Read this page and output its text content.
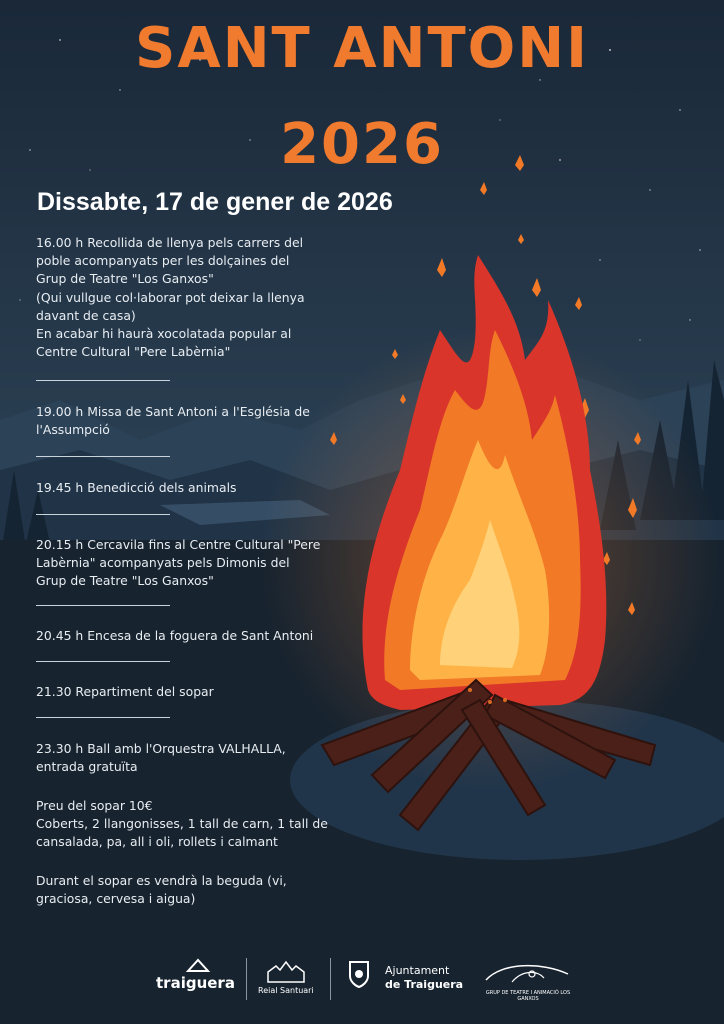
SANT ANTONI
2026
Dissabte, 17 de gener de 2026
16.00 h Recollida de llenya pels carrers del
poble acompanyats per les dolçaines del
Grup de Teatre "Los Ganxos"
(Qui vullgue col·laborar pot deixar la llenya
davant de casa)
En acabar hi haurà xocolatada popular al
Centre Cultural "Pere Labèrnia"
19.00 h Missa de Sant Antoni a l'Església de
l'Assumpció
19.45 h Benedicció dels animals
20.15 h Cercavila fins al Centre Cultural "Pere
Labèrnia" acompanyats pels Dimonis del
Grup de Teatre "Los Ganxos"
20.45 h Encesa de la foguera de Sant Antoni
21.30 Repartiment del sopar
23.30 h Ball amb l'Orquestra VALHALLA,
entrada gratuïta
Preu del sopar 10€
Coberts, 2 llangonisses, 1 tall de carn, 1 tall de
cansalada, pa, all i oli, rollets i calmant
Durant el sopar es vendrà la beguda (vi,
graciosa, cervesa i aigua)
traiguera	Reial Santuari
Ajuntament
de Traiguera
GRUP DE TEATRE I ANIMACIÓ LOS GANXOS
